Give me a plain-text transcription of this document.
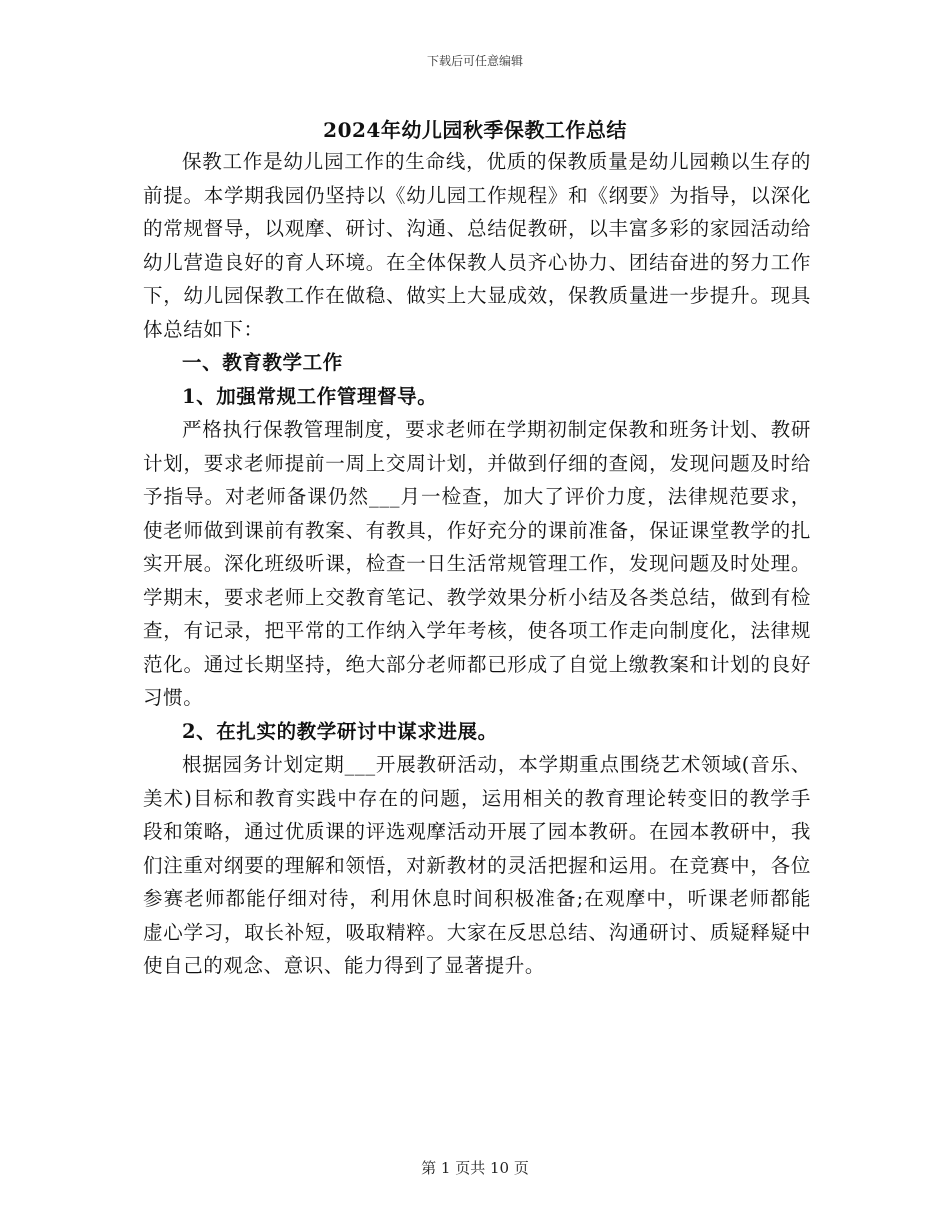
下载后可任意编辑
2024年幼儿园秋季保教工作总结

保教工作是幼儿园工作的生命线，优质的保教质量是幼儿园赖以生存的前提。本学期我园仍坚持以《幼儿园工作规程》和《纲要》为指导，以深化的常规督导，以观摩、研讨、沟通、总结促教研，以丰富多彩的家园活动给幼儿营造良好的育人环境。在全体保教人员齐心协力、团结奋进的努力工作下，幼儿园保教工作在做稳、做实上大显成效，保教质量进一步提升。现具体总结如下：

一、教育教学工作
1、加强常规工作管理督导。

严格执行保教管理制度，要求老师在学期初制定保教和班务计划、教研计划，要求老师提前一周上交周计划，并做到仔细的查阅，发现问题及时给予指导。对老师备课仍然___月一检查，加大了评价力度，法律规范要求，使老师做到课前有教案、有教具，作好充分的课前准备，保证课堂教学的扎实开展。深化班级听课，检查一日生活常规管理工作，发现问题及时处理。学期末，要求老师上交教育笔记、教学效果分析小结及各类总结，做到有检查，有记录，把平常的工作纳入学年考核，使各项工作走向制度化，法律规范化。通过长期坚持，绝大部分老师都已形成了自觉上缴教案和计划的良好习惯。

2、在扎实的教学研讨中谋求进展。

根据园务计划定期___开展教研活动，本学期重点围绕艺术领域(音乐、美术)目标和教育实践中存在的问题，运用相关的教育理论转变旧的教学手段和策略，通过优质课的评选观摩活动开展了园本教研。在园本教研中，我们注重对纲要的理解和领悟，对新教材的灵活把握和运用。在竞赛中，各位参赛老师都能仔细对待，利用休息时间积极准备;在观摩中，听课老师都能虚心学习，取长补短，吸取精粹。大家在反思总结、沟通研讨、质疑释疑中使自己的观念、意识、能力得到了显著提升。

第 1 页共 10 页
